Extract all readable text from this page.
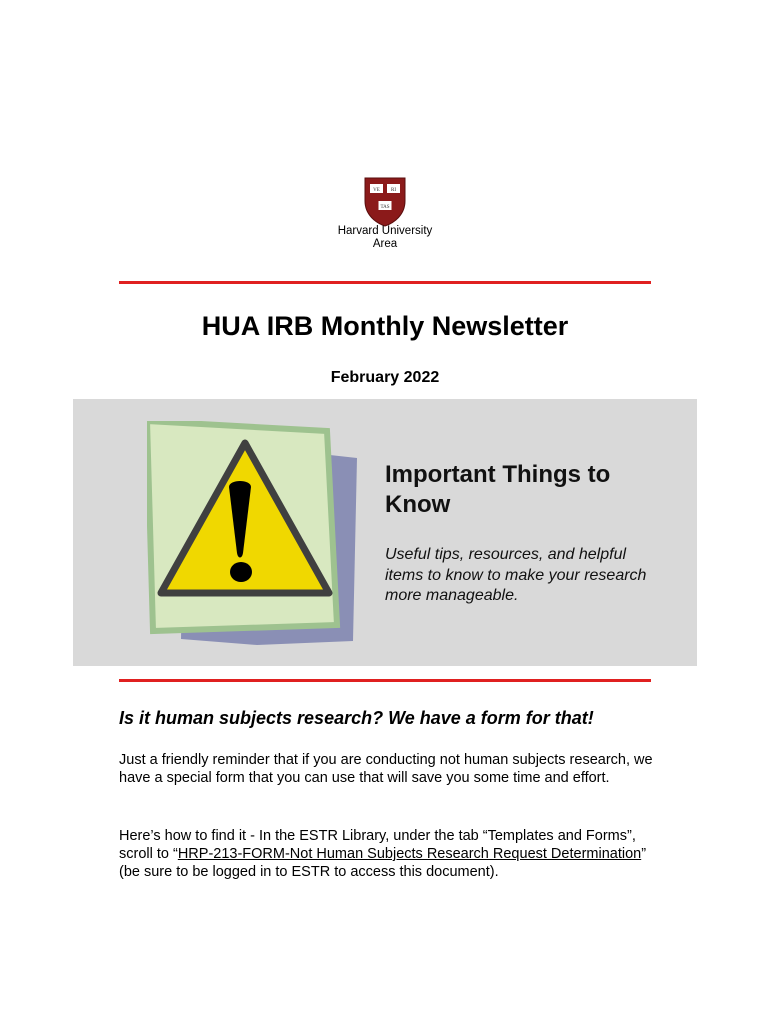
VE RI
TAS
Harvard University
Area
HUA IRB Monthly Newsletter
February 2022
Important Things to Know
Useful tips, resources, and helpful items to know to make your research more manageable.
Is it human subjects research? We have a form for that!
Just a friendly reminder that if you are conducting not human subjects research, we have a special form that you can use that will save you some time and effort.
Here’s how to find it - In the ESTR Library, under the tab “Templates and Forms”, scroll to “HRP-213-FORM-Not Human Subjects Research Request Determination” (be sure to be logged in to ESTR to access this document).
